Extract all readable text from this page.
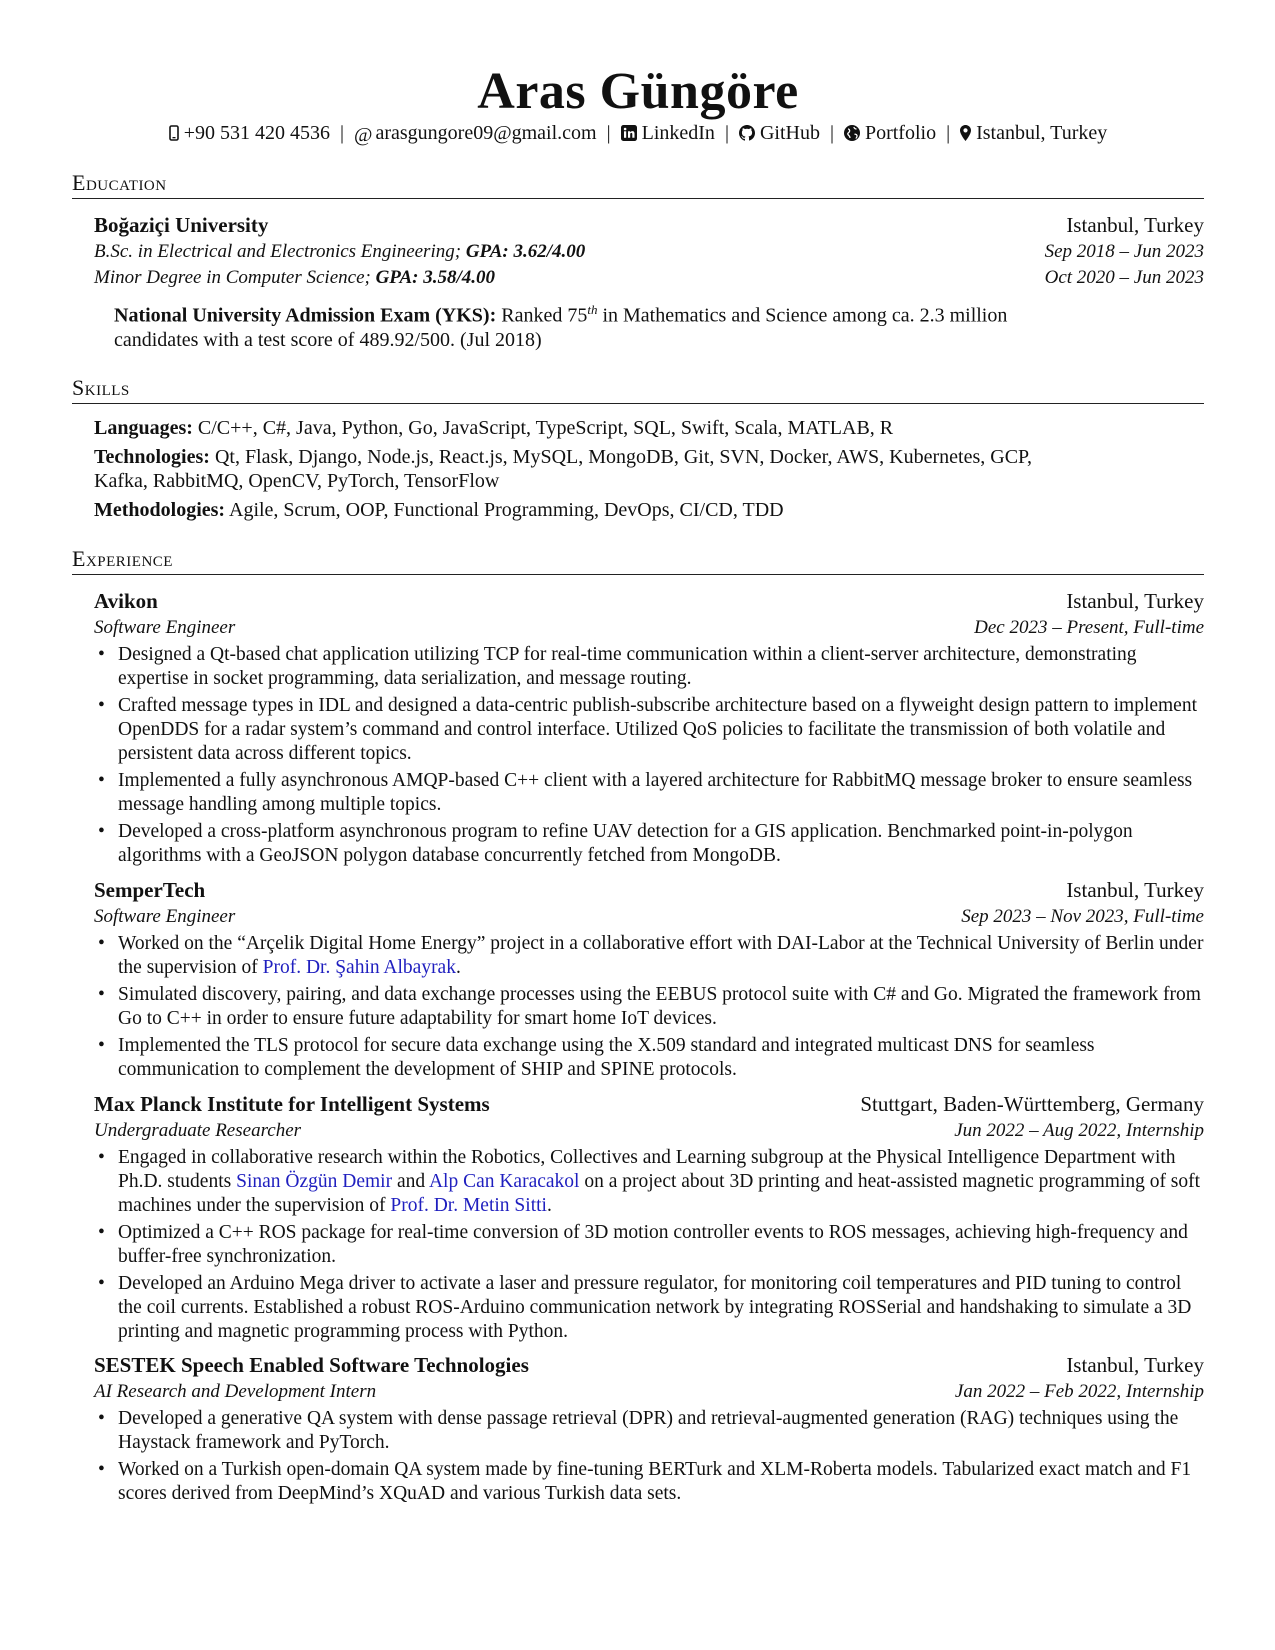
Aras Güngöre
+90 531 420 4536 | @ arasgungore09@gmail.com | LinkedIn | GitHub | Portfolio | Istanbul, Turkey
Education
Boğaziçi University	Istanbul, Turkey
B.Sc. in Electrical and Electronics Engineering; GPA: 3.62/4.00	Sep 2018 – Jun 2023
Minor Degree in Computer Science; GPA: 3.58/4.00	Oct 2020 – Jun 2023
National University Admission Exam (YKS): Ranked 75th in Mathematics and Science among ca. 2.3 million
candidates with a test score of 489.92/500. (Jul 2018)
Skills
Languages: C/C++, C#, Java, Python, Go, JavaScript, TypeScript, SQL, Swift, Scala, MATLAB, R
Technologies: Qt, Flask, Django, Node.js, React.js, MySQL, MongoDB, Git, SVN, Docker, AWS, Kubernetes, GCP,
Kafka, RabbitMQ, OpenCV, PyTorch, TensorFlow
Methodologies: Agile, Scrum, OOP, Functional Programming, DevOps, CI/CD, TDD
Experience
Avikon	Istanbul, Turkey
Software Engineer	Dec 2023 – Present, Full-time
• Designed a Qt-based chat application utilizing TCP for real-time communication within a client-server architecture, demonstrating expertise in socket programming, data serialization, and message routing.
• Crafted message types in IDL and designed a data-centric publish-subscribe architecture based on a flyweight design pattern to implement OpenDDS for a radar system’s command and control interface. Utilized QoS policies to facilitate the transmission of both volatile and persistent data across different topics.
• Implemented a fully asynchronous AMQP-based C++ client with a layered architecture for RabbitMQ message broker to ensure seamless message handling among multiple topics.
• Developed a cross-platform asynchronous program to refine UAV detection for a GIS application. Benchmarked point-in-polygon algorithms with a GeoJSON polygon database concurrently fetched from MongoDB.
SemperTech	Istanbul, Turkey
Software Engineer	Sep 2023 – Nov 2023, Full-time
• Worked on the “Arçelik Digital Home Energy” project in a collaborative effort with DAI-Labor at the Technical University of Berlin under the supervision of Prof. Dr. Şahin Albayrak.
• Simulated discovery, pairing, and data exchange processes using the EEBUS protocol suite with C# and Go. Migrated the framework from Go to C++ in order to ensure future adaptability for smart home IoT devices.
• Implemented the TLS protocol for secure data exchange using the X.509 standard and integrated multicast DNS for seamless communication to complement the development of SHIP and SPINE protocols.
Max Planck Institute for Intelligent Systems	Stuttgart, Baden-Württemberg, Germany
Undergraduate Researcher	Jun 2022 – Aug 2022, Internship
• Engaged in collaborative research within the Robotics, Collectives and Learning subgroup at the Physical Intelligence Department with Ph.D. students Sinan Özgün Demir and Alp Can Karacakol on a project about 3D printing and heat-assisted magnetic programming of soft machines under the supervision of Prof. Dr. Metin Sitti.
• Optimized a C++ ROS package for real-time conversion of 3D motion controller events to ROS messages, achieving high-frequency and buffer-free synchronization.
• Developed an Arduino Mega driver to activate a laser and pressure regulator, for monitoring coil temperatures and PID tuning to control the coil currents. Established a robust ROS-Arduino communication network by integrating ROSSerial and handshaking to simulate a 3D printing and magnetic programming process with Python.
SESTEK Speech Enabled Software Technologies	Istanbul, Turkey
AI Research and Development Intern	Jan 2022 – Feb 2022, Internship
• Developed a generative QA system with dense passage retrieval (DPR) and retrieval-augmented generation (RAG) techniques using the Haystack framework and PyTorch.
• Worked on a Turkish open-domain QA system made by fine-tuning BERTurk and XLM-Roberta models. Tabularized exact match and F1 scores derived from DeepMind’s XQuAD and various Turkish data sets.
